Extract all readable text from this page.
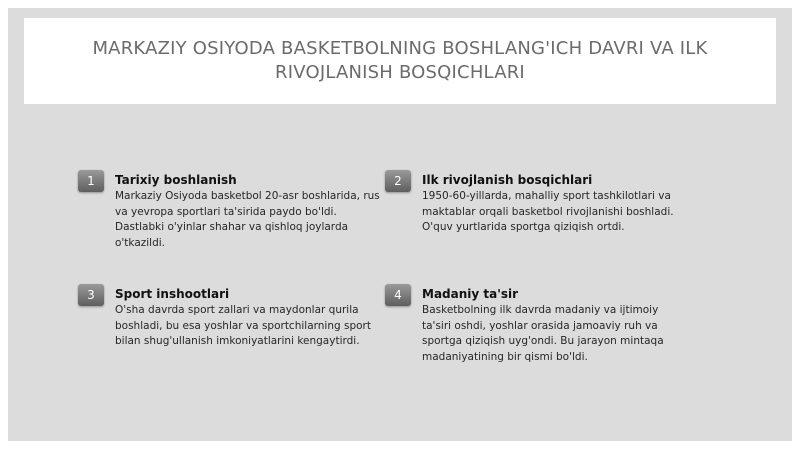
MARKAZIY OSIYODA BASKETBOLNING BOSHLANG'ICH DAVRI VA ILK RIVOJLANISH BOSQICHLARI
1	Tarixiy boshlanish

Markaziy Osiyoda basketbol 20-asr boshlarida, rus va yevropa sportlari ta'sirida paydo bo'ldi. Dastlabki o'yinlar shahar va qishloq joylarda o'tkazildi.

2	Ilk rivojlanish bosqichlari

1950-60-yillarda, mahalliy sport tashkilotlari va maktablar orqali basketbol rivojlanishi boshladi. O'quv yurtlarida sportga qiziqish ortdi.

3	Sport inshootlari

O'sha davrda sport zallari va maydonlar qurila boshladi, bu esa yoshlar va sportchilarning sport bilan shug'ullanish imkoniyatlarini kengaytirdi.

4	Madaniy ta'sir

Basketbolning ilk davrda madaniy va ijtimoiy ta'siri oshdi, yoshlar orasida jamoaviy ruh va sportga qiziqish uyg'ondi. Bu jarayon mintaqa madaniyatining bir qismi bo'ldi.
